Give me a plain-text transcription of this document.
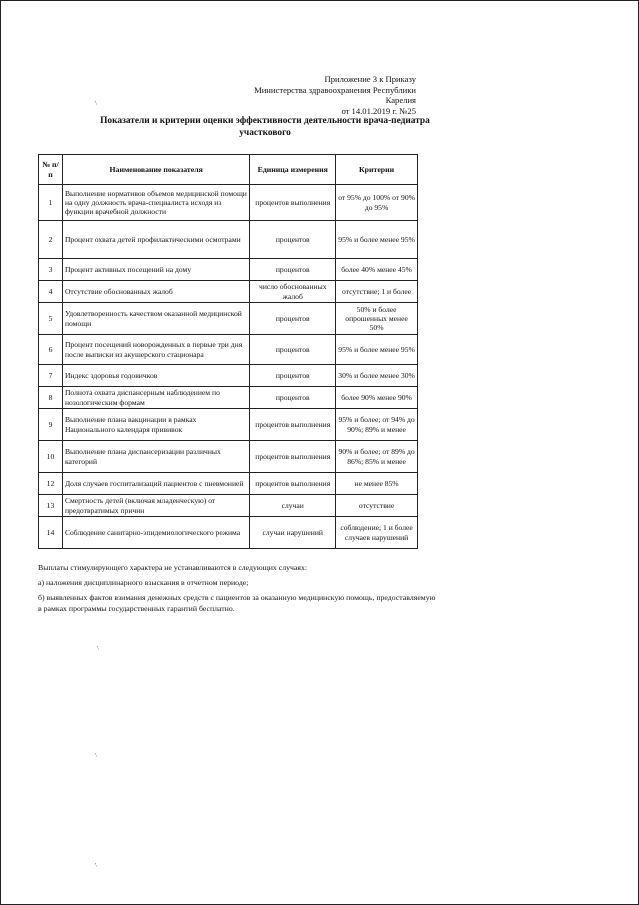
Приложение 3 к Приказу
Министерства здравоохранения Республики Карелия
от 14.01.2019 г. №25
Показатели и критерии оценки эффективности деятельности врача-педиатра
участкового
№ п/п	Наименование показателя	Единица измерения	Критерии
1	Выполнение нормативов объемов медицинской помощи на одну должность врача-специалиста исходя из функции врачебной должности	процентов выполнения	от 95% до 100% от 90% до 95%
2	Процент охвата детей профилактическими осмотрами	процентов	95% и более менее 95%
3	Процент активных посещений на дому	процентов	более 40% менее 45%
4	Отсутствие обоснованных жалоб	число обоснованных жалоб	отсутствие; 1 и более
5	Удовлетворенность качеством оказанной медицинской помощи	процентов	50% и более опрошенных менее 50%
6	Процент посещений новорожденных в первые три дня после выписки из акушерского стационара	процентов	95% и более менее 95%
7	Индекс здоровья годовичков	процентов	30% и более менее 30%
8	Полнота охвата диспансерным наблюдением по нозологическим формам	процентов	более 90% менее 90%
9	Выполнение плана вакцинации в рамках Национального календаря прививок	процентов выполнения	95% и более; от 94% до 90%; 89% и менее
10	Выполнение плана диспансеризации различных категорий	процентов выполнения	90% и более; от 89% до 86%; 85% и менее
12	Доля случаев госпитализаций пациентов с пневмонией	процентов выполнения	не менее 85%
13	Смертность детей (включая младенческую) от предотвратимых причин	случаи	отсутствие
14	Соблюдение санитарно-эпидемиологического режима	случаи нарушений	соблюдение; 1 и более случаев нарушений

Выплаты стимулирующего характера не устанавливаются в следующих случаях:

а) наложения дисциплинарного взыскания в отчетном периоде;

б) выявленных фактов взимания денежных средств с пациентов за оказанную медицинскую помощь, предоставляемую в рамках программы государственных гарантий бесплатно.

'·
'·
'·
'·
